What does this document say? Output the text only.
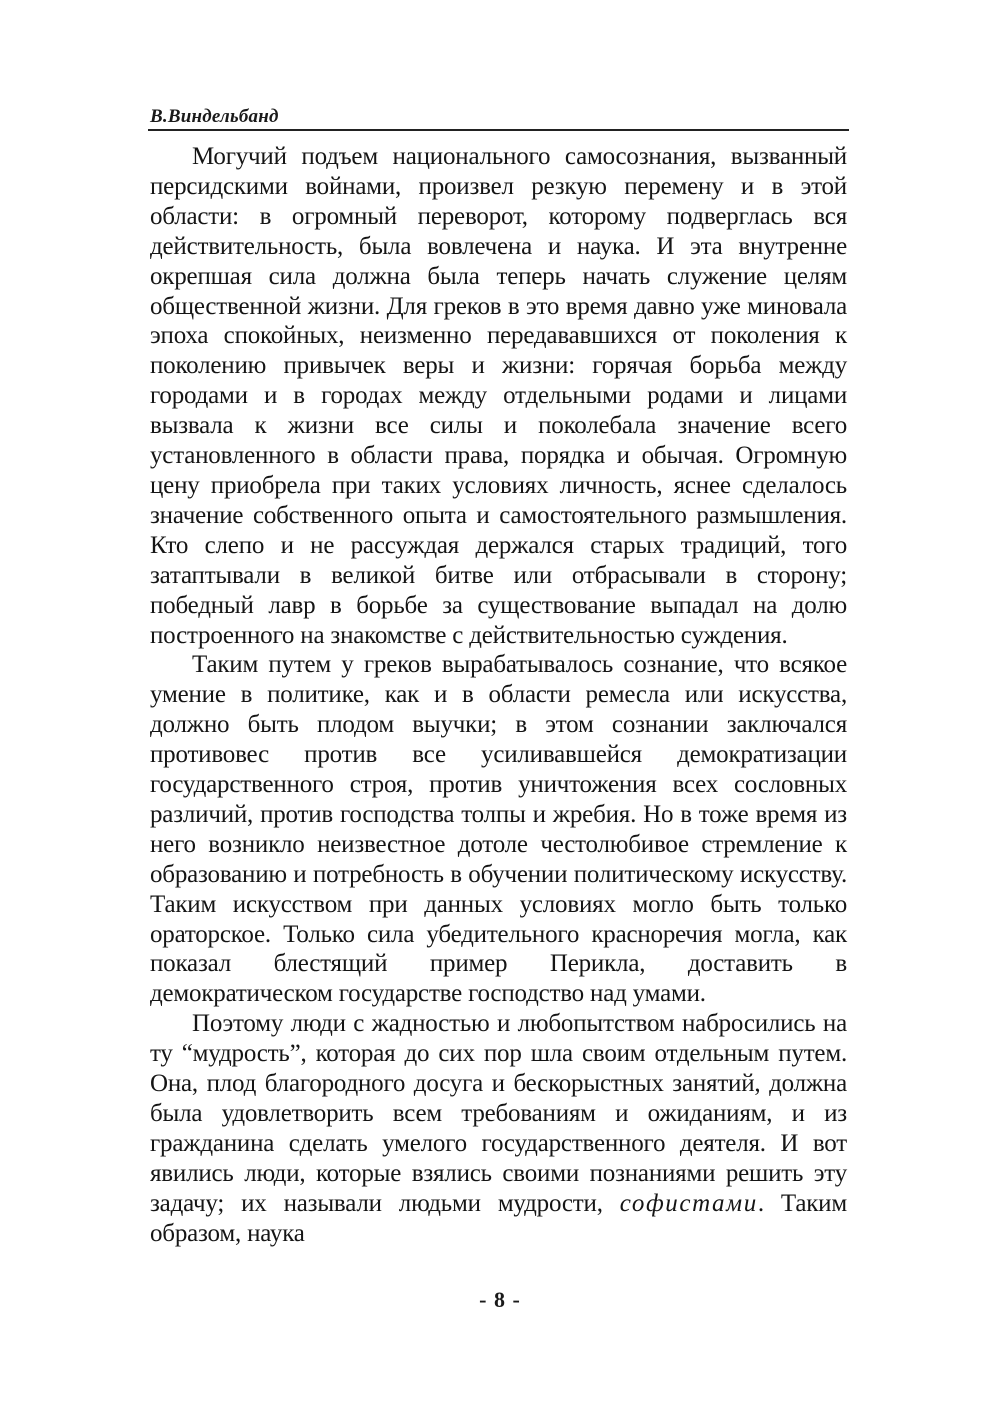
В.Виндельбанд

Могучий подъем национального самосознания, вызванный персидскими войнами, произвел резкую перемену и в этой области: в огромный переворот, которому подверглась вся действительность, была вовлечена и наука. И эта внутренне окрепшая сила должна была теперь начать служение целям общественной жизни. Для греков в это время давно уже миновала эпоха спокойных, неизменно передававшихся от поколения к поколению привычек веры и жизни: горячая борьба между городами и в городах между отдельными родами и лицами вызвала к жизни все силы и поколебала значение всего установленного в области права, порядка и обычая. Огромную цену приобрела при таких условиях личность, яснее сделалось значение собственного опыта и самостоятельного размышления. Кто слепо и не рассуждая держался старых традиций, того затаптывали в великой битве или отбрасывали в сторону; победный лавр в борьбе за существование выпадал на долю построенного на знакомстве с действительностью суждения.

Таким путем у греков вырабатывалось сознание, что всякое умение в политике, как и в области ремесла или искусства, должно быть плодом выучки; в этом сознании заключался противовес против все усиливавшейся демократизации государственного строя, против уничтожения всех сословных различий, против господства толпы и жребия. Но в тоже время из него возникло неизвестное дотоле честолюбивое стремление к образованию и потребность в обучении политическому искусству. Таким искусством при данных условиях могло быть только ораторское. Только сила убедительного красноречия могла, как показал блестящий пример Перикла, доставить в демократическом государстве господство над умами.

Поэтому люди с жадностью и любопытством набросились на ту “мудрость”, которая до сих пор шла своим отдельным путем. Она, плод благородного досуга и бескорыстных занятий, должна была удовлетворить всем требованиям и ожиданиям, и из гражданина сделать умелого государственного деятеля. И вот явились люди, которые взялись своими познаниями решить эту задачу; их называли людьми мудрости, софистами. Таким образом, наука

- 8 -
